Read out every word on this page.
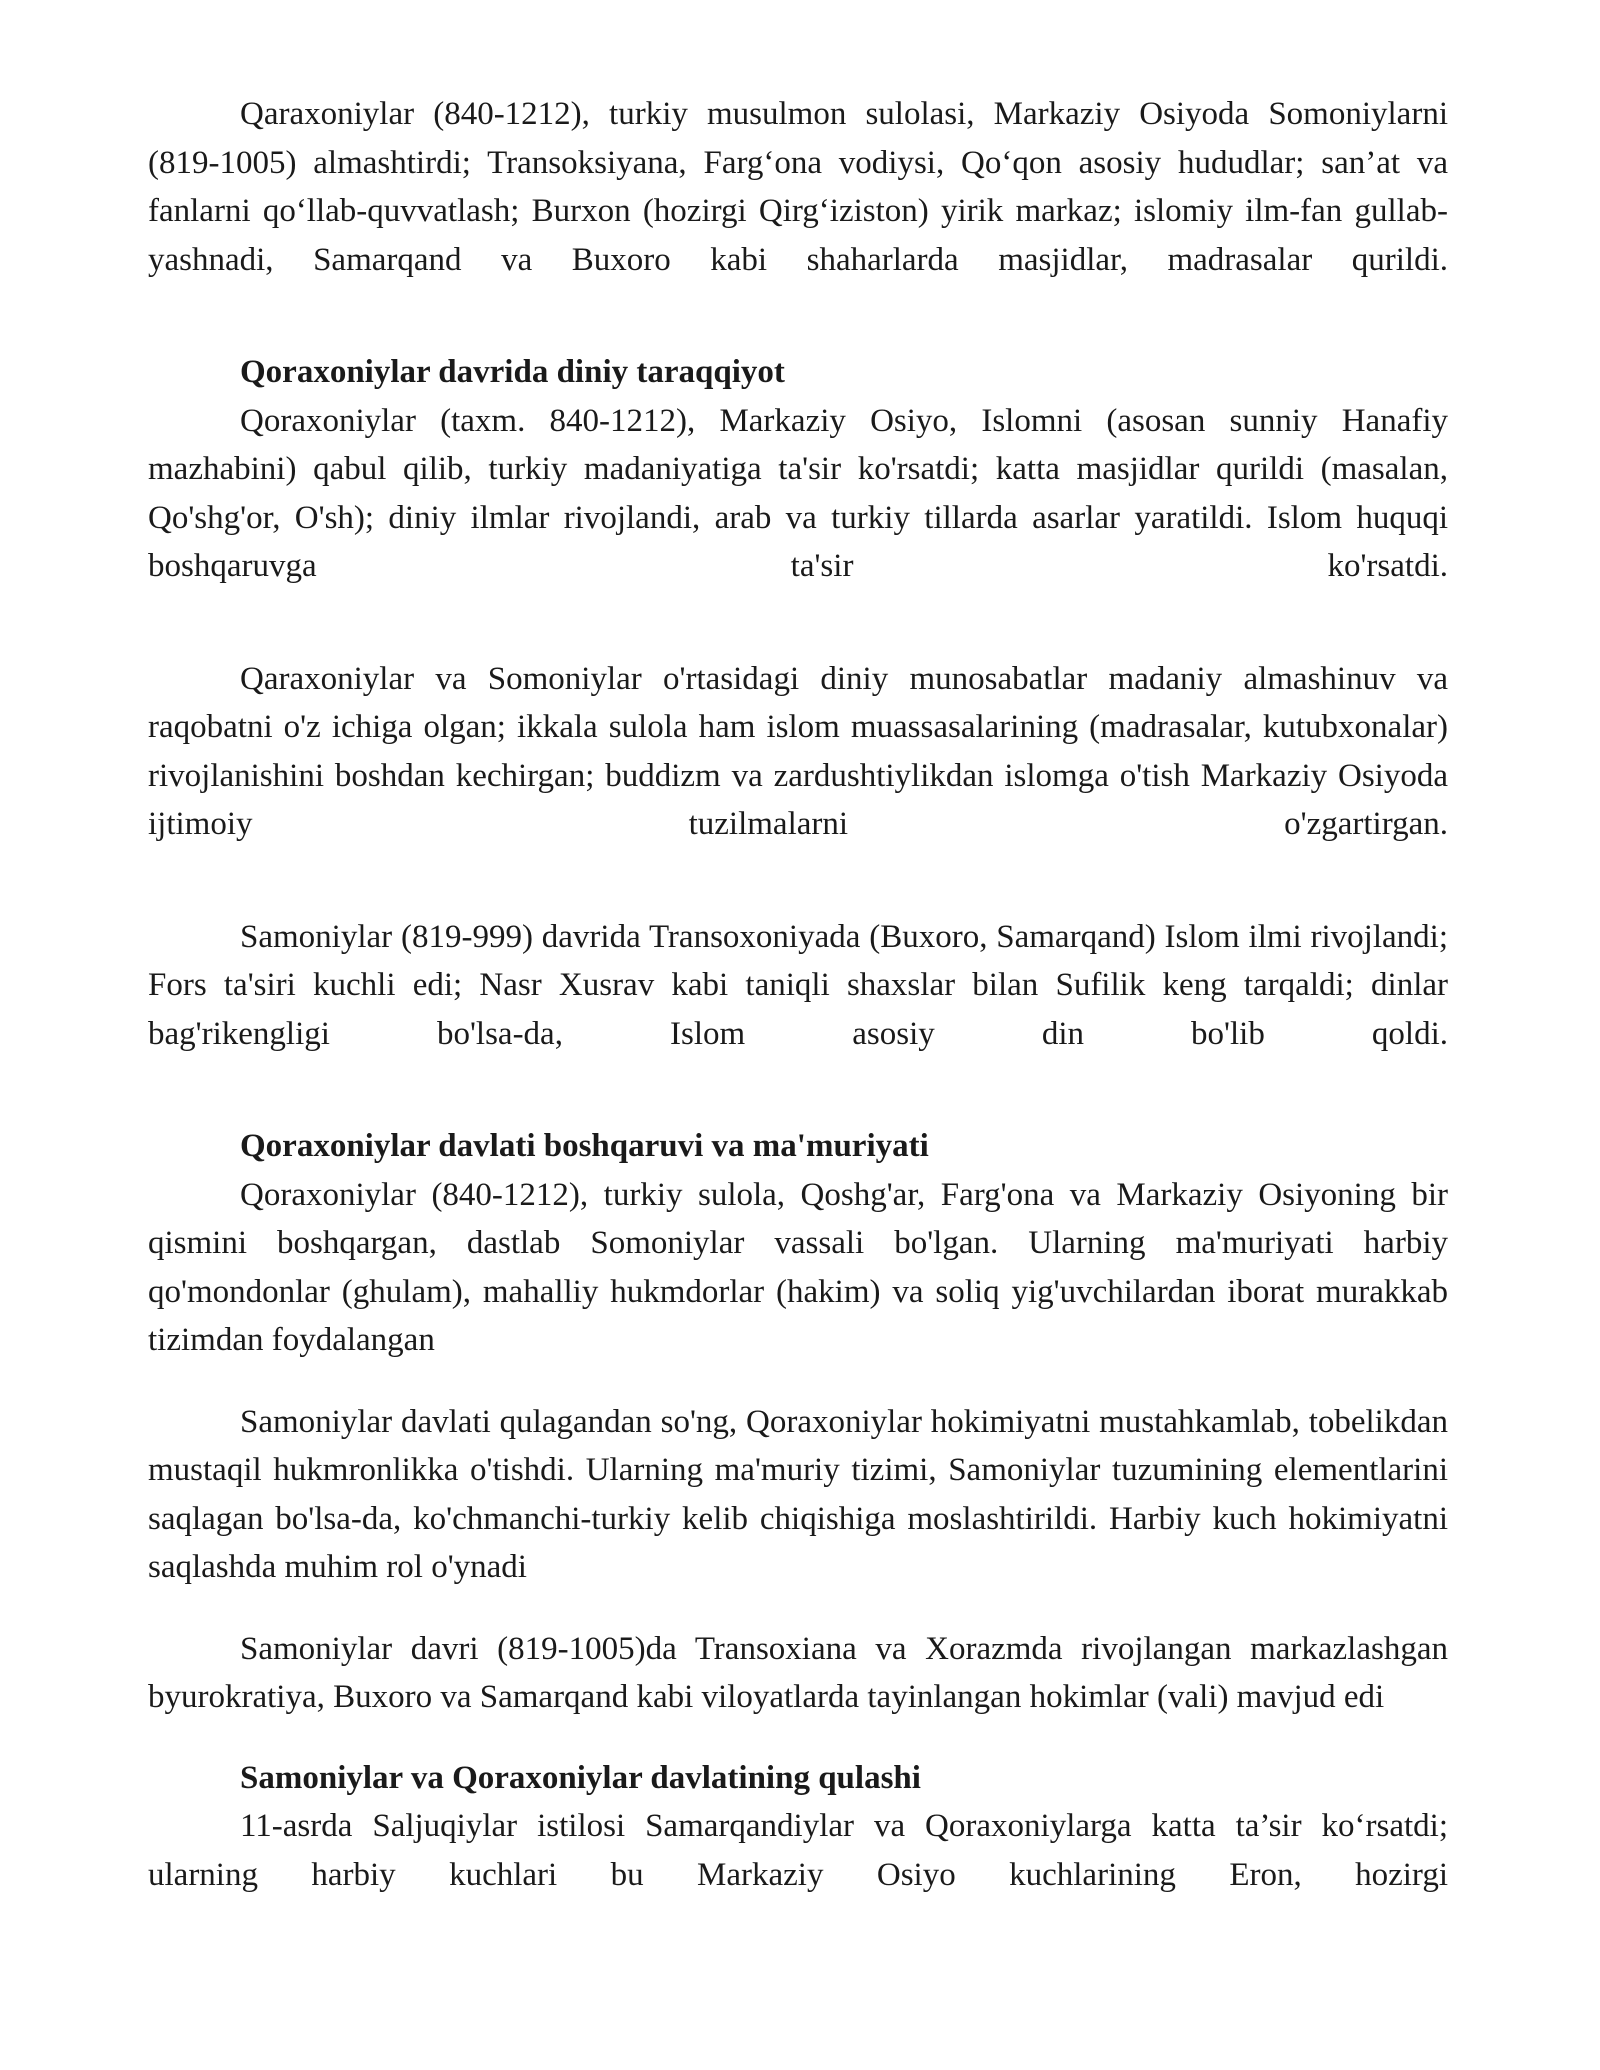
Qaraxoniylar (840-1212), turkiy musulmon sulolasi, Markaziy Osiyoda Somoniylarni (819-1005) almashtirdi; Transoksiyana, Farg‘ona vodiysi, Qo‘qon asosiy hududlar; san’at va fanlarni qo‘llab-quvvatlash; Burxon (hozirgi Qirg‘iziston) yirik markaz; islomiy ilm-fan gullab-yashnadi, Samarqand va Buxoro kabi shaharlarda masjidlar, madrasalar qurildi.

Qoraxoniylar davrida diniy taraqqiyot

Qoraxoniylar (taxm. 840-1212), Markaziy Osiyo, Islomni (asosan sunniy Hanafiy mazhabini) qabul qilib, turkiy madaniyatiga ta'sir ko'rsatdi; katta masjidlar qurildi (masalan, Qo'shg'or, O'sh); diniy ilmlar rivojlandi, arab va turkiy tillarda asarlar yaratildi. Islom huquqi boshqaruvga ta'sir ko'rsatdi.

Qaraxoniylar va Somoniylar o'rtasidagi diniy munosabatlar madaniy almashinuv va raqobatni o'z ichiga olgan; ikkala sulola ham islom muassasalarining (madrasalar, kutubxonalar) rivojlanishini boshdan kechirgan; buddizm va zardushtiylikdan islomga o'tish Markaziy Osiyoda ijtimoiy tuzilmalarni o'zgartirgan.

Samoniylar (819-999) davrida Transoxoniyada (Buxoro, Samarqand) Islom ilmi rivojlandi; Fors ta'siri kuchli edi; Nasr Xusrav kabi taniqli shaxslar bilan Sufilik keng tarqaldi; dinlar bag'rikengligi bo'lsa-da, Islom asosiy din bo'lib qoldi.

Qoraxoniylar davlati boshqaruvi va ma'muriyati

Qoraxoniylar (840-1212), turkiy sulola, Qoshg'ar, Farg'ona va Markaziy Osiyoning bir qismini boshqargan, dastlab Somoniylar vassali bo'lgan. Ularning ma'muriyati harbiy qo'mondonlar (ghulam), mahalliy hukmdorlar (hakim) va soliq yig'uvchilardan iborat murakkab tizimdan foydalangan

Samoniylar davlati qulagandan so'ng, Qoraxoniylar hokimiyatni mustahkamlab, tobelikdan mustaqil hukmronlikka o'tishdi. Ularning ma'muriy tizimi, Samoniylar tuzumining elementlarini saqlagan bo'lsa-da, ko'chmanchi-turkiy kelib chiqishiga moslashtirildi. Harbiy kuch hokimiyatni saqlashda muhim rol o'ynadi

Samoniylar davri (819-1005)da Transoxiana va Xorazmda rivojlangan markazlashgan byurokratiya, Buxoro va Samarqand kabi viloyatlarda tayinlangan hokimlar (vali) mavjud edi

Samoniylar va Qoraxoniylar davlatining qulashi

11-asrda Saljuqiylar istilosi Samarqandiylar va Qoraxoniylarga katta ta’sir ko‘rsatdi; ularning harbiy kuchlari bu Markaziy Osiyo kuchlarining Eron, hozirgi
